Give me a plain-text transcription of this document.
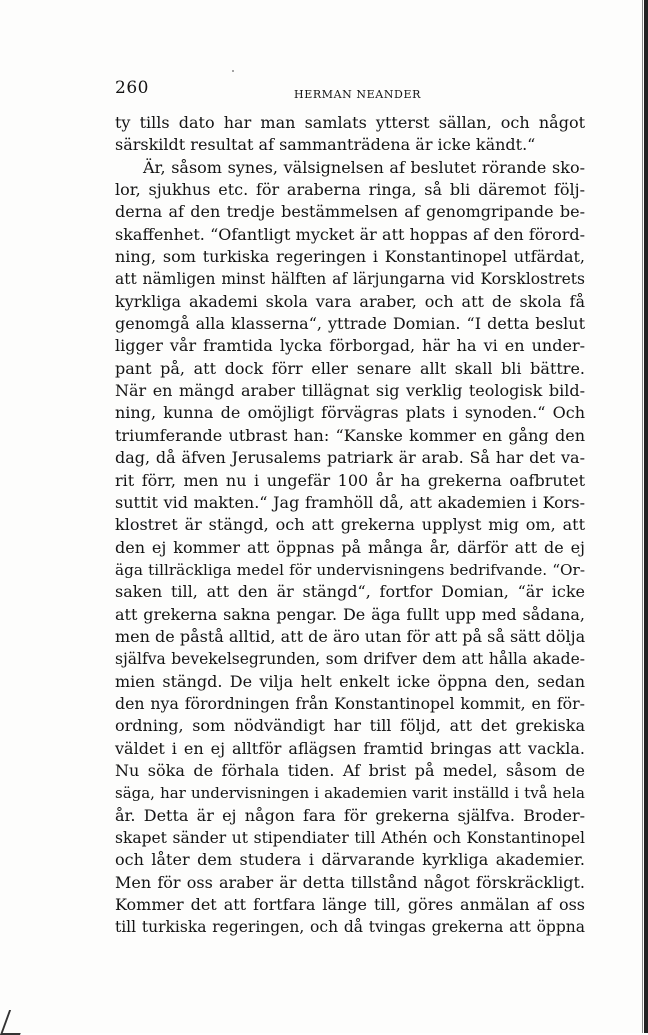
260	HERMAN NEANDER
ty tills dato har man samlats ytterst sällan, och något
särskildt resultat af sammanträdena är icke kändt.“
Är, såsom synes, välsignelsen af beslutet rörande sko-
lor, sjukhus etc. för araberna ringa, så bli däremot följ-
derna af den tredje bestämmelsen af genomgripande be-
skaffenhet. “Ofantligt mycket är att hoppas af den förord-
ning, som turkiska regeringen i Konstantinopel utfärdat,
att nämligen minst hälften af lärjungarna vid Korsklostrets
kyrkliga akademi skola vara araber, och att de skola få
genomgå alla klasserna“, yttrade Domian. “I detta beslut
ligger vår framtida lycka förborgad, här ha vi en under-
pant på, att dock förr eller senare allt skall bli bättre.
När en mängd araber tillägnat sig verklig teologisk bild-
ning, kunna de omöjligt förvägras plats i synoden.“ Och
triumferande utbrast han: “Kanske kommer en gång den
dag, då äfven Jerusalems patriark är arab. Så har det va-
rit förr, men nu i ungefär 100 år ha grekerna oafbrutet
suttit vid makten.“ Jag framhöll då, att akademien i Kors-
klostret är stängd, och att grekerna upplyst mig om, att
den ej kommer att öppnas på många år, därför att de ej
äga tillräckliga medel för undervisningens bedrifvande. “Or-
saken till, att den är stängd“, fortfor Domian, “är icke
att grekerna sakna pengar. De äga fullt upp med sådana,
men de påstå alltid, att de äro utan för att på så sätt dölja
själfva bevekelsegrunden, som drifver dem att hålla akade-
mien stängd. De vilja helt enkelt icke öppna den, sedan
den nya förordningen från Konstantinopel kommit, en för-
ordning, som nödvändigt har till följd, att det grekiska
väldet i en ej alltför aflägsen framtid bringas att vackla.
Nu söka de förhala tiden. Af brist på medel, såsom de
säga, har undervisningen i akademien varit inställd i två hela
år. Detta är ej någon fara för grekerna själfva. Broder-
skapet sänder ut stipendiater till Athén och Konstantinopel
och låter dem studera i därvarande kyrkliga akademier.
Men för oss araber är detta tillstånd något förskräckligt.
Kommer det att fortfara länge till, göres anmälan af oss
till turkiska regeringen, och då tvingas grekerna att öppna
